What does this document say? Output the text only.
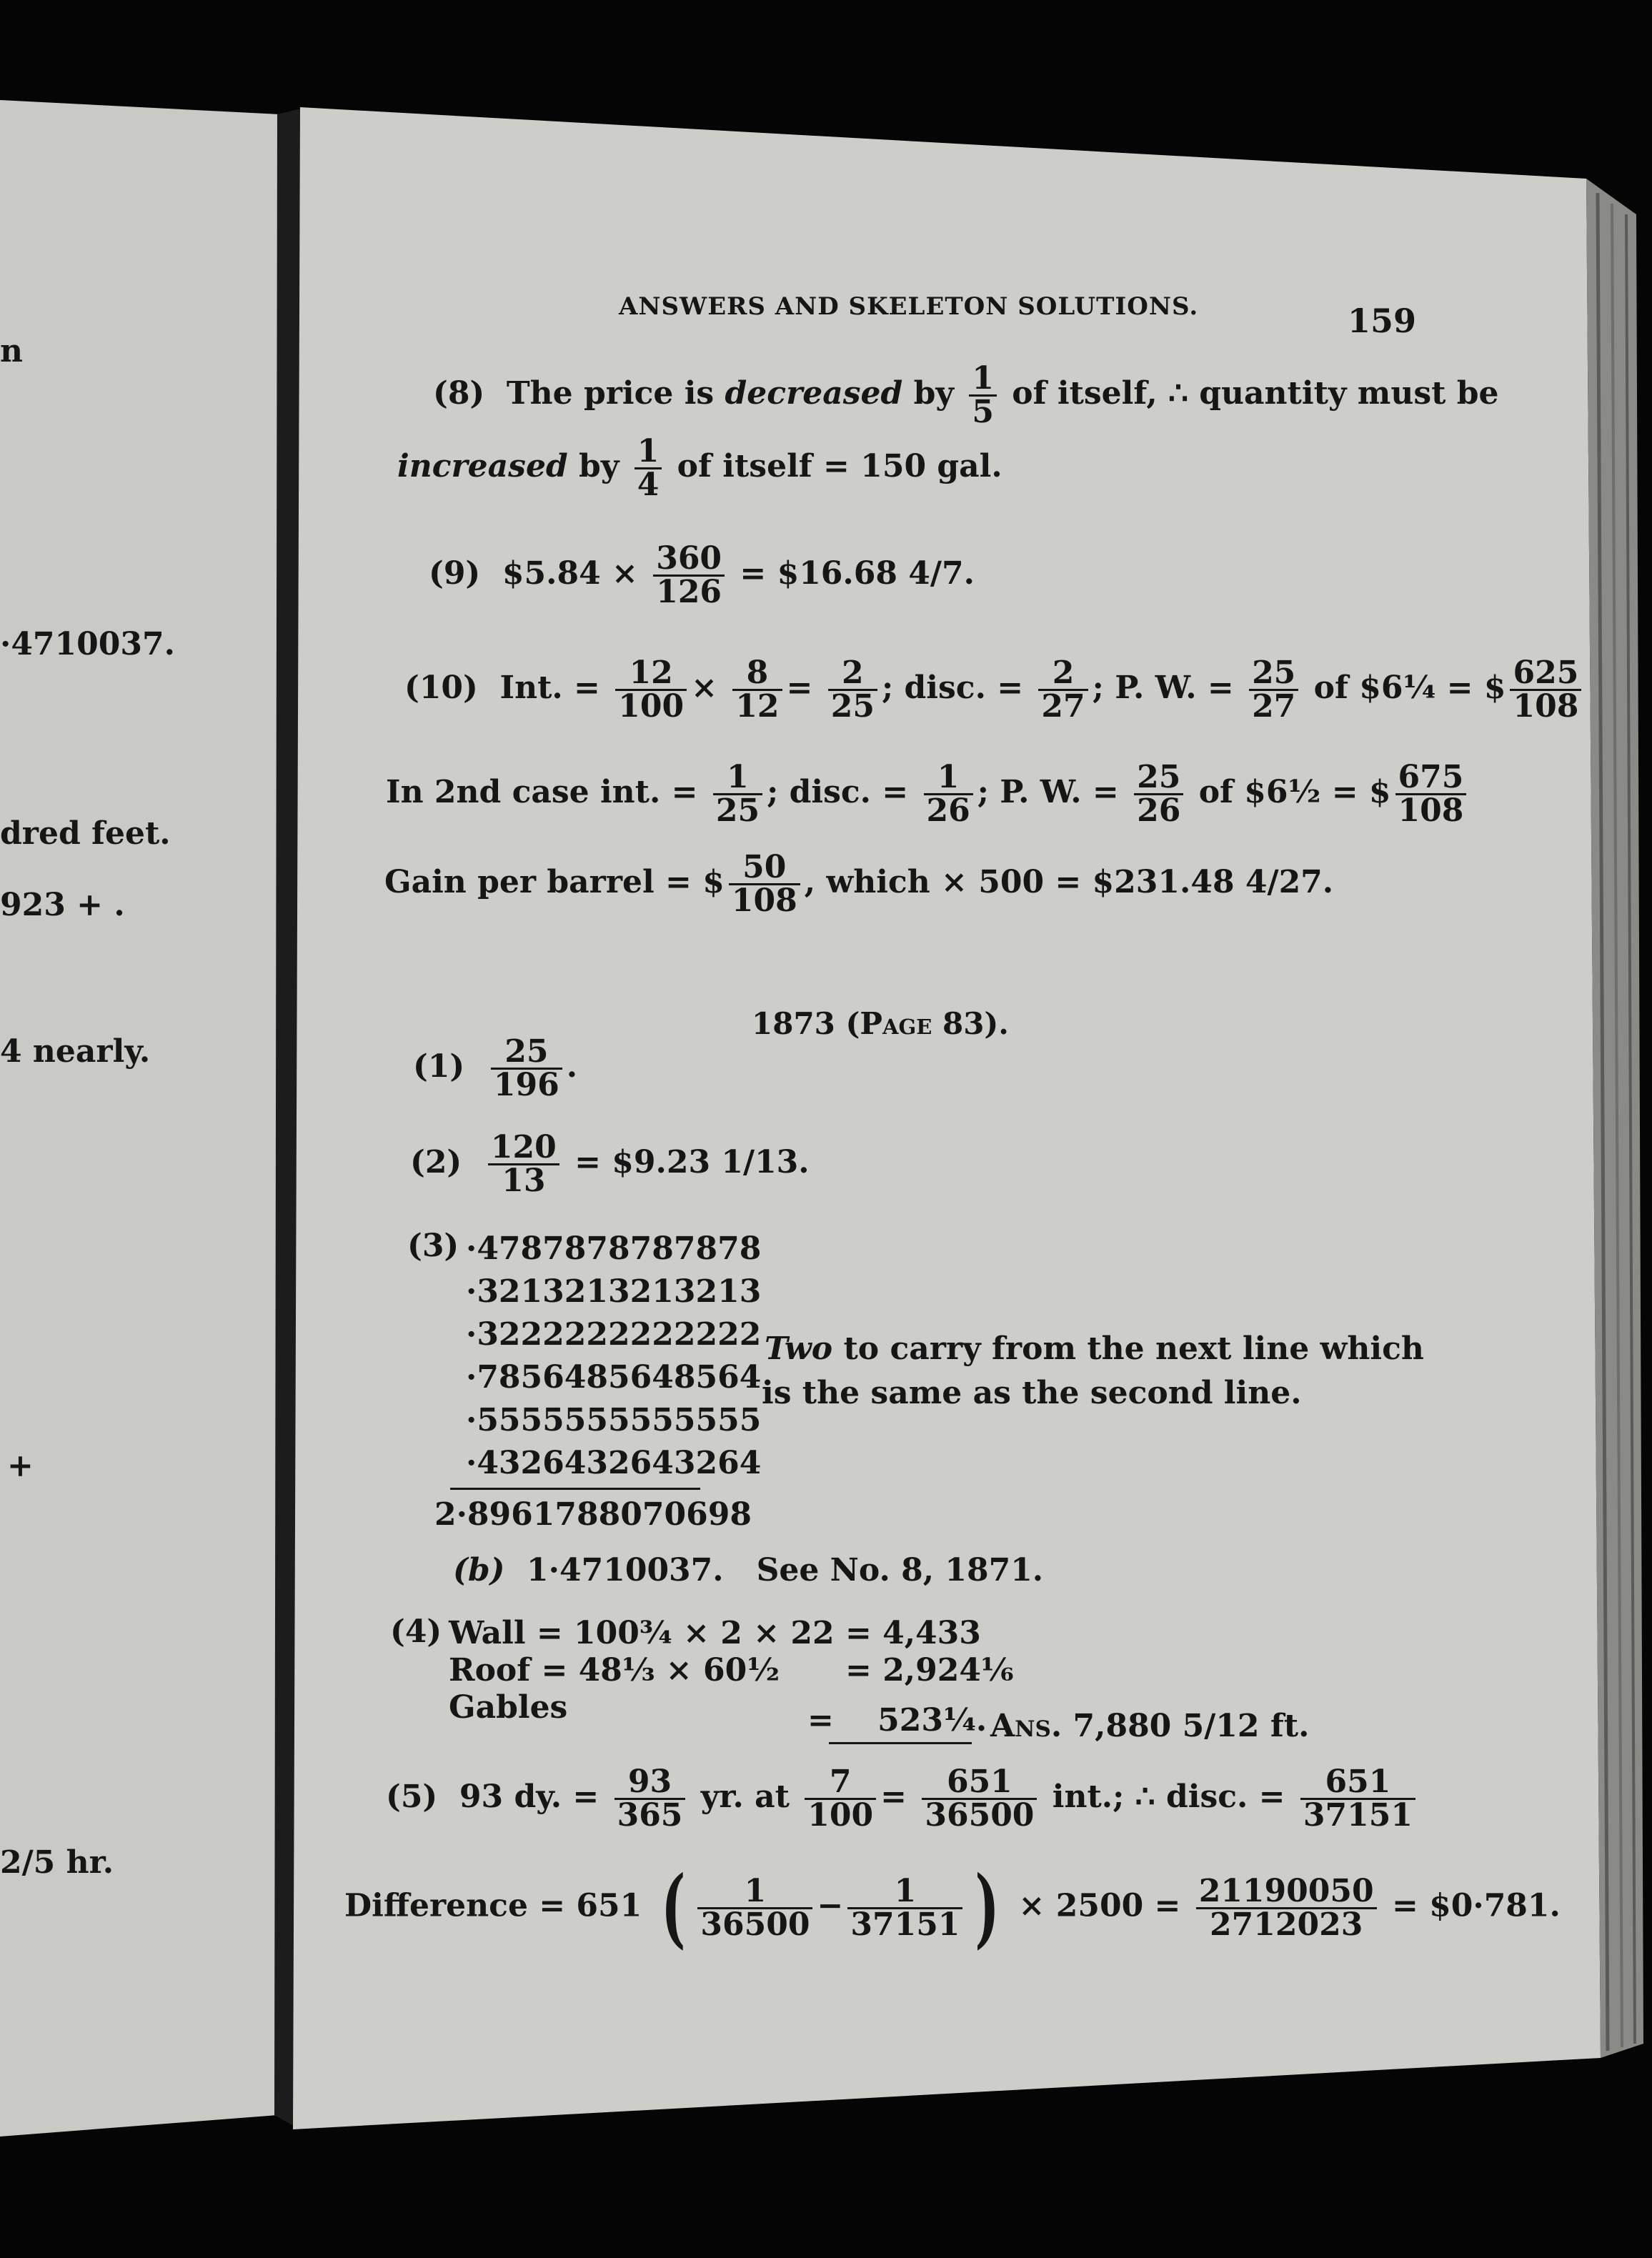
n
·4710037.
dred feet.
923 + .
4 nearly.
+
2/5 hr.
ANSWERS AND SKELETON SOLUTIONS.	159
(8) The price is decreased by $\frac{1}{5}$ of itself, ∴ quantity must be
increased by $\frac{1}{4}$ of itself = 150 gal.
(9) $5.84 × $\frac{360}{126}$ = $16.68 4/7.
(10) Int. = $\frac{12}{100} \times \frac{8}{12} = \frac{2}{25}$ ; disc. = $\frac{2}{27}$ ; P. W. = $\frac{25}{27}$ of $6¼ = $ $\frac{625}{108}$
In 2nd case int. = $\frac{1}{25}$ ; disc. = $\frac{1}{26}$ ; P. W. = $\frac{25}{26}$ of $6½ = $ $\frac{675}{108}$
Gain per barrel = $ $\frac{50}{108}$ , which × 500 = $231.48 4/27.
1873 (Page 83).
$(1) \frac{25}{196}$ .
$(2) \frac{120}{13}$ = $9.23 1/13.
(3) ·4787878787878
·3213213213213
·3222222222222
·7856485648564
·5555555555555
·4326432643264
2·8961788070698
Two to carry from the next line which
is the same as the second line.
(b) 1·4710037. See No. 8, 1871.
(4) Wall = 100¾ × 2 × 22 = 4,433
Roof = 48⅓ × 60½      = 2,924⅙
Gables	=    523¼. Ans. 7,880 5/12 ft.
(5) 93 dy. = $\frac{93}{365}$ yr. at $\frac{7}{100} = \frac{651}{36500}$ int.; ∴ disc. = $\frac{651}{37151}$
Difference = 651 ( $\frac{1}{36500} - \frac{1}{37151}$ ) × $2500 = \frac{21190050}{2712023}$ = $0·781.
